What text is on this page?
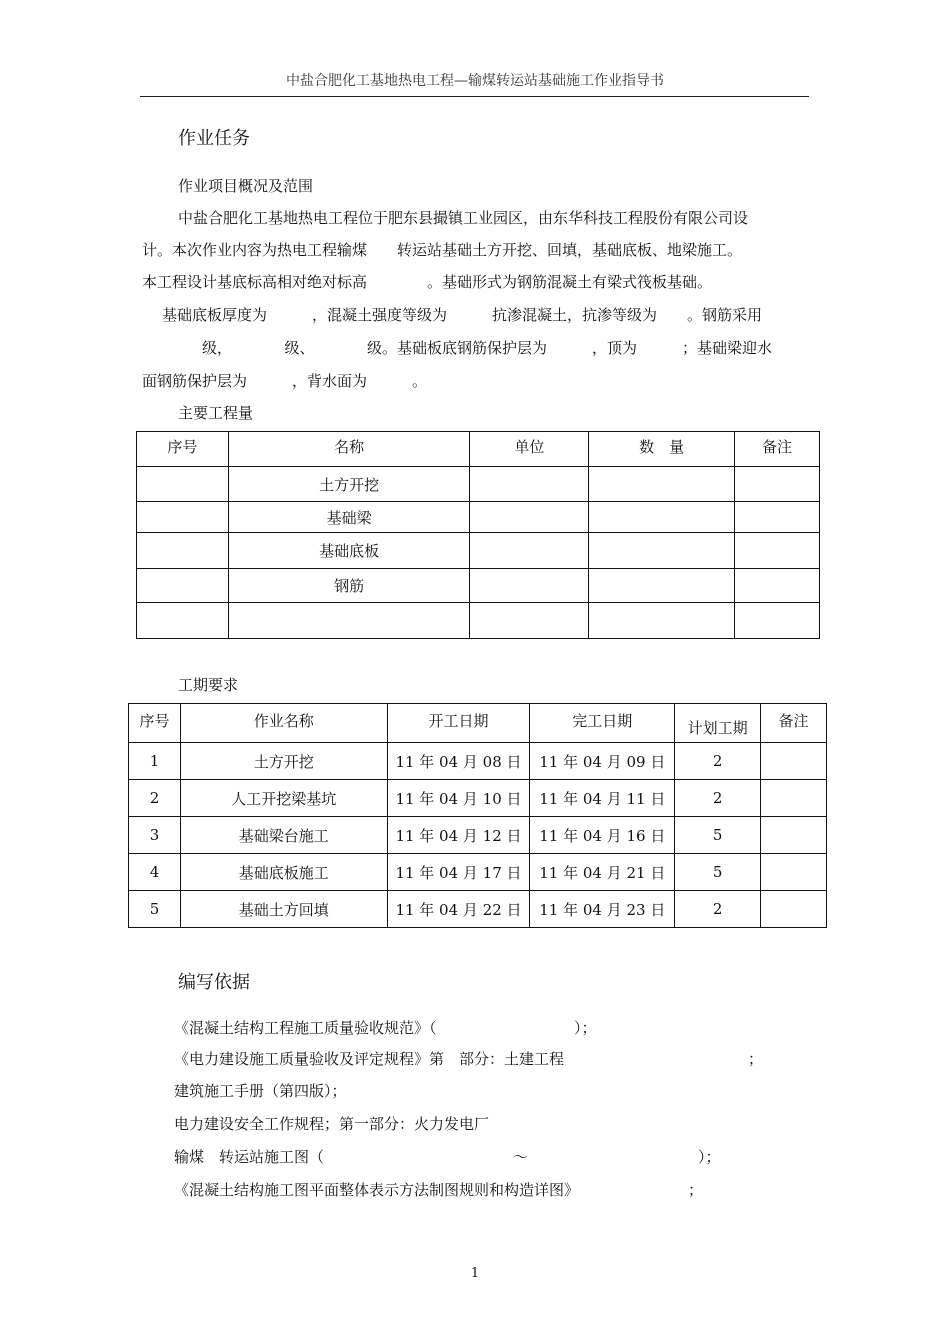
中盐合肥化工基地热电工程—输煤转运站基础施工作业指导书
作业任务
作业项目概况及范围
中盐合肥化工基地热电工程位于肥东县撮镇工业园区，由东华科技工程股份有限公司设
计。本次作业内容为热电工程输煤　　转运站基础土方开挖、回填，基础底板、地梁施工。
本工程设计基底标高相对绝对标高　　　　。基础形式为钢筋混凝土有梁式筏板基础。
基础底板厚度为　　　，混凝土强度等级为　　　抗渗混凝土，抗渗等级为　　。钢筋采用
　　　　级，　　　　级、　　　　级。基础板底钢筋保护层为　　　，顶为　　　；基础梁迎水
面钢筋保护层为　　　，背水面为　　　。
主要工程量
序号	名称	单位	数　量	备注
	土方开挖			
	基础梁			
	基础底板			
	钢筋			

工期要求
序号	作业名称	开工日期	完工日期	计划工期	备注
1	土方开挖	11 年 04 月 08 日	11 年 04 月 09 日	2	
2	人工开挖梁基坑	11 年 04 月 10 日	11 年 04 月 11 日	2	
3	基础梁台施工	11 年 04 月 12 日	11 年 04 月 16 日	5	
4	基础底板施工	11 年 04 月 17 日	11 年 04 月 21 日	5	
5	基础土方回填	11 年 04 月 22 日	11 年 04 月 23 日	2	
编写依据
《混凝土结构工程施工质量验收规范》（	）；
《电力建设施工质量验收及评定规程》第　部分：土建工程	；
建筑施工手册（第四版）；
电力建设安全工作规程；第一部分：火力发电厂
输煤　转运站施工图（	～	）；
《混凝土结构施工图平面整体表示方法制图规则和构造详图》	；
1
